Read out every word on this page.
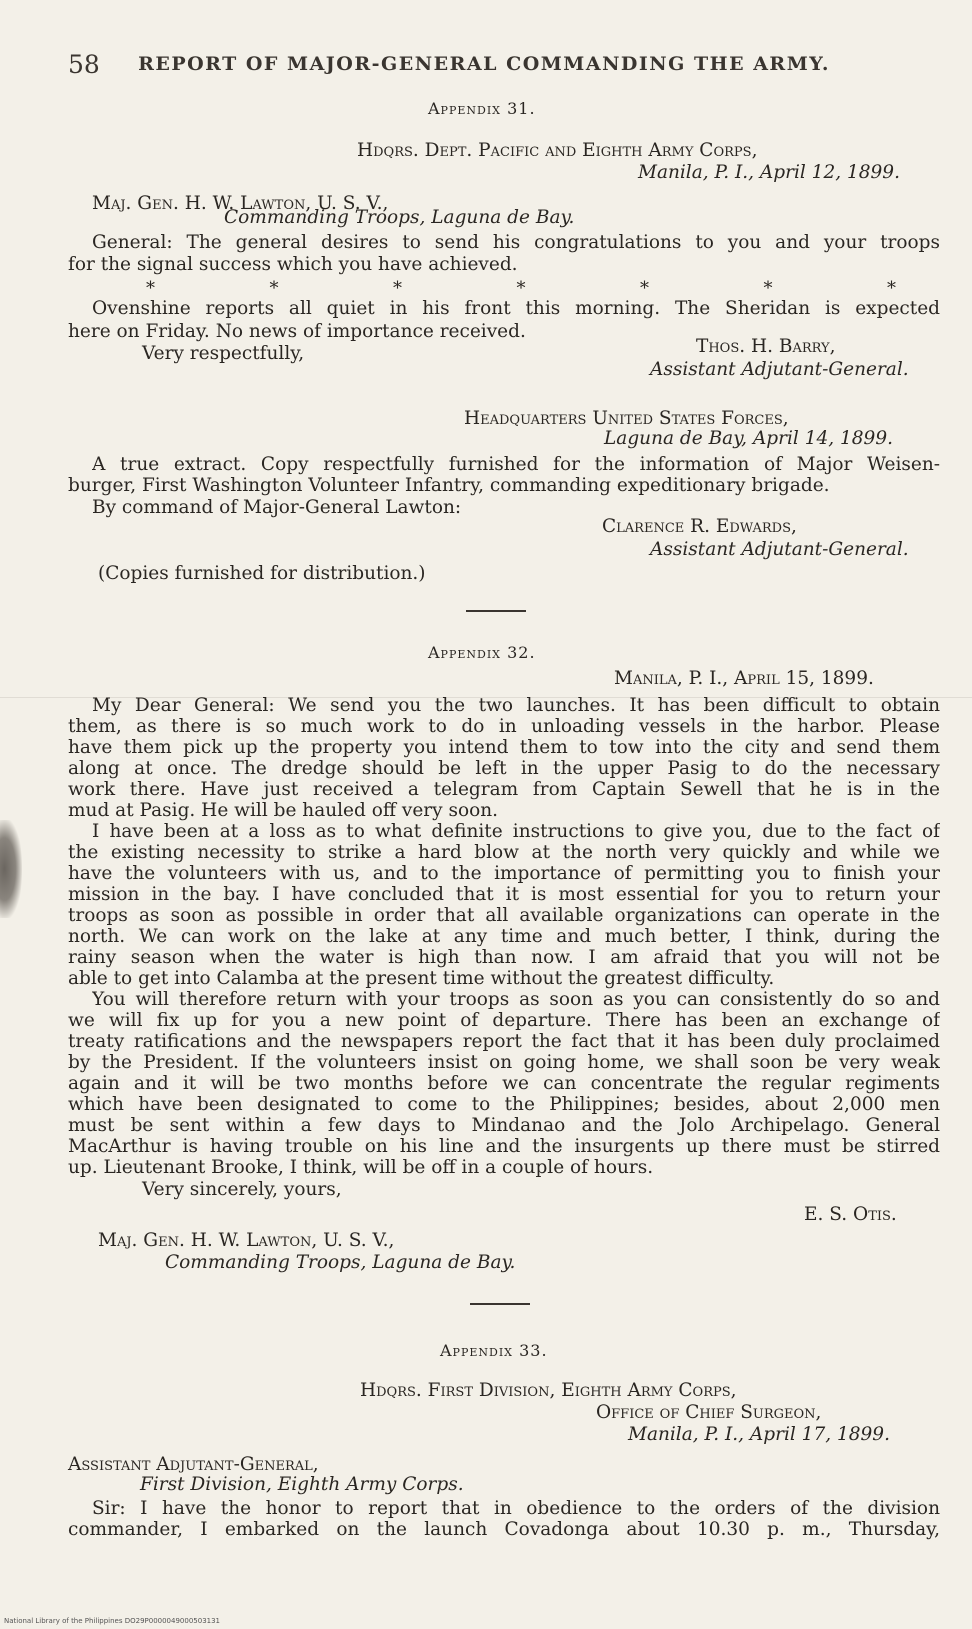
58 REPORT OF MAJOR-GENERAL COMMANDING THE ARMY.
Appendix 31.
Hdqrs. Dept. Pacific and Eighth Army Corps,
Manila, P. I., April 12, 1899.
Maj. Gen. H. W. Lawton, U. S. V.,
Commanding Troops, Laguna de Bay.
General: The general desires to send his congratulations to you and your troops
for the signal success which you have achieved.
*	*	*	*	*	*	*
Ovenshine reports all quiet in his front this morning. The Sheridan is expected
here on Friday. No news of importance received.
Very respectfully,	Thos. H. Barry,
Assistant Adjutant-General.
Headquarters United States Forces,
Laguna de Bay, April 14, 1899.
A true extract. Copy respectfully furnished for the information of Major Weisen-
burger, First Washington Volunteer Infantry, commanding expeditionary brigade.
By command of Major-General Lawton:
Clarence R. Edwards,
Assistant Adjutant-General.
(Copies furnished for distribution.)
Appendix 32.
Manila, P. I., April 15, 1899.
My Dear General: We send you the two launches. It has been difficult to obtain
them, as there is so much work to do in unloading vessels in the harbor. Please
have them pick up the property you intend them to tow into the city and send them
along at once. The dredge should be left in the upper Pasig to do the necessary
work there. Have just received a telegram from Captain Sewell that he is in the
mud at Pasig. He will be hauled off very soon.
I have been at a loss as to what definite instructions to give you, due to the fact of
the existing necessity to strike a hard blow at the north very quickly and while we
have the volunteers with us, and to the importance of permitting you to finish your
mission in the bay. I have concluded that it is most essential for you to return your
troops as soon as possible in order that all available organizations can operate in the
north. We can work on the lake at any time and much better, I think, during the
rainy season when the water is high than now. I am afraid that you will not be
able to get into Calamba at the present time without the greatest difficulty.
You will therefore return with your troops as soon as you can consistently do so and
we will fix up for you a new point of departure. There has been an exchange of
treaty ratifications and the newspapers report the fact that it has been duly proclaimed
by the President. If the volunteers insist on going home, we shall soon be very weak
again and it will be two months before we can concentrate the regular regiments
which have been designated to come to the Philippines; besides, about 2,000 men
must be sent within a few days to Mindanao and the Jolo Archipelago. General
MacArthur is having trouble on his line and the insurgents up there must be stirred
up. Lieutenant Brooke, I think, will be off in a couple of hours.
Very sincerely, yours,
E. S. Otis.
Maj. Gen. H. W. Lawton, U. S. V.,
Commanding Troops, Laguna de Bay.
Appendix 33.
Hdqrs. First Division, Eighth Army Corps,
Office of Chief Surgeon,
Manila, P. I., April 17, 1899.
Assistant Adjutant-General,
First Division, Eighth Army Corps.
Sir: I have the honor to report that in obedience to the orders of the division
commander, I embarked on the launch Covadonga about 10.30 p. m., Thursday,
National Library of the Philippines DO29P0000049000503131
